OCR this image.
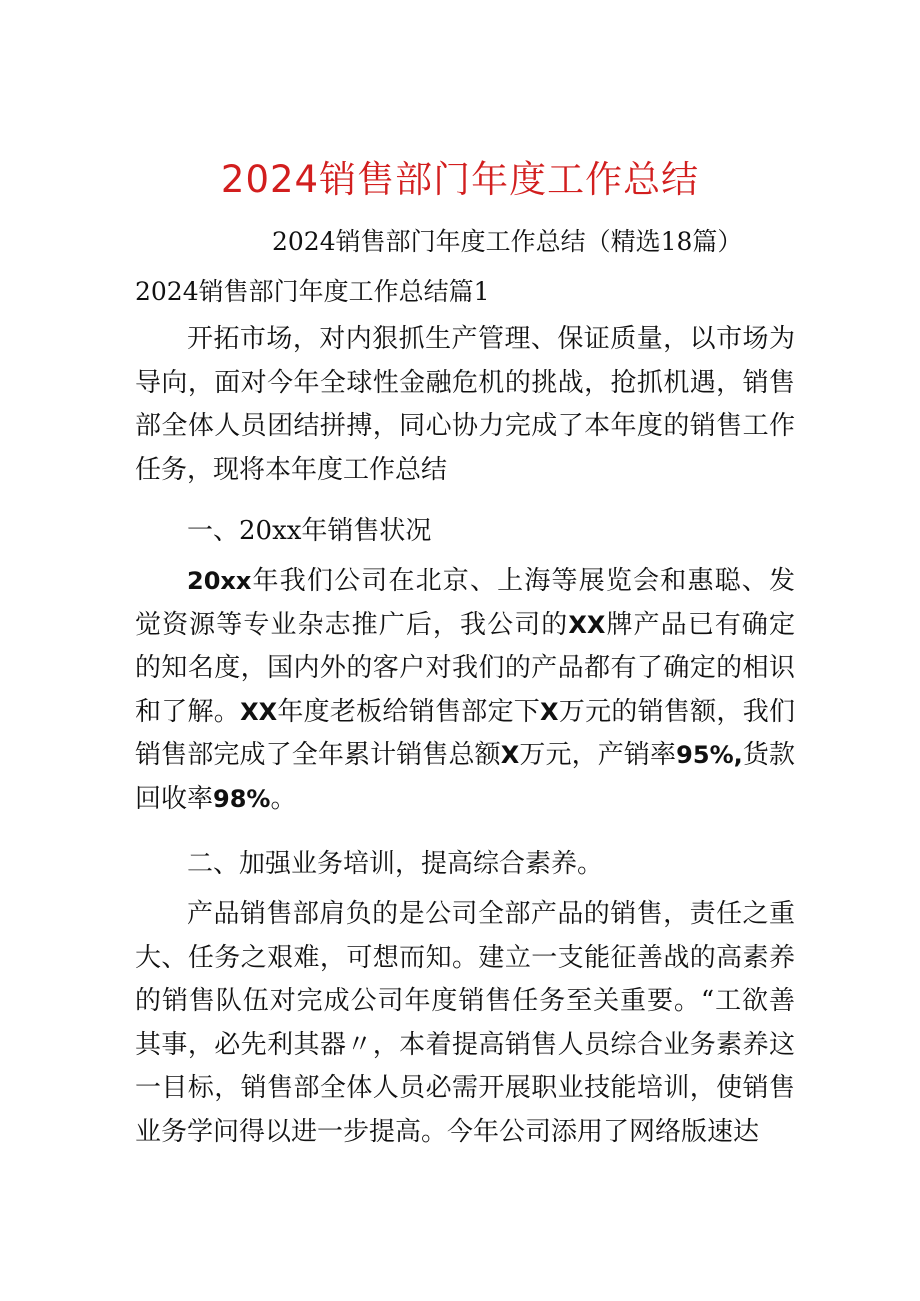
2024销售部门年度工作总结
2024销售部门年度工作总结（精选18篇）
2024销售部门年度工作总结篇1

开拓市场，对内狠抓生产管理、保证质量，以市场为导向，面对今年全球性金融危机的挑战，抢抓机遇，销售部全体人员团结拼搏，同心协力完成了本年度的销售工作任务，现将本年度工作总结

一、20xx年销售状况

20xx年我们公司在北京、上海等展览会和惠聪、发觉资源等专业杂志推广后，我公司的XX牌产品已有确定的知名度，国内外的客户对我们的产品都有了确定的相识和了解。XX年度老板给销售部定下X万元的销售额，我们销售部完成了全年累计销售总额X万元，产销率95%,货款回收率98%。

二、加强业务培训，提高综合素养。

产品销售部肩负的是公司全部产品的销售，责任之重大、任务之艰难，可想而知。建立一支能征善战的高素养的销售队伍对完成公司年度销售任务至关重要。“工欲善其事，必先利其器〃，本着提高销售人员综合业务素养这一目标，销售部全体人员必需开展职业技能培训，使销售业务学问得以进一步提高。今年公司添用了网络版速达
